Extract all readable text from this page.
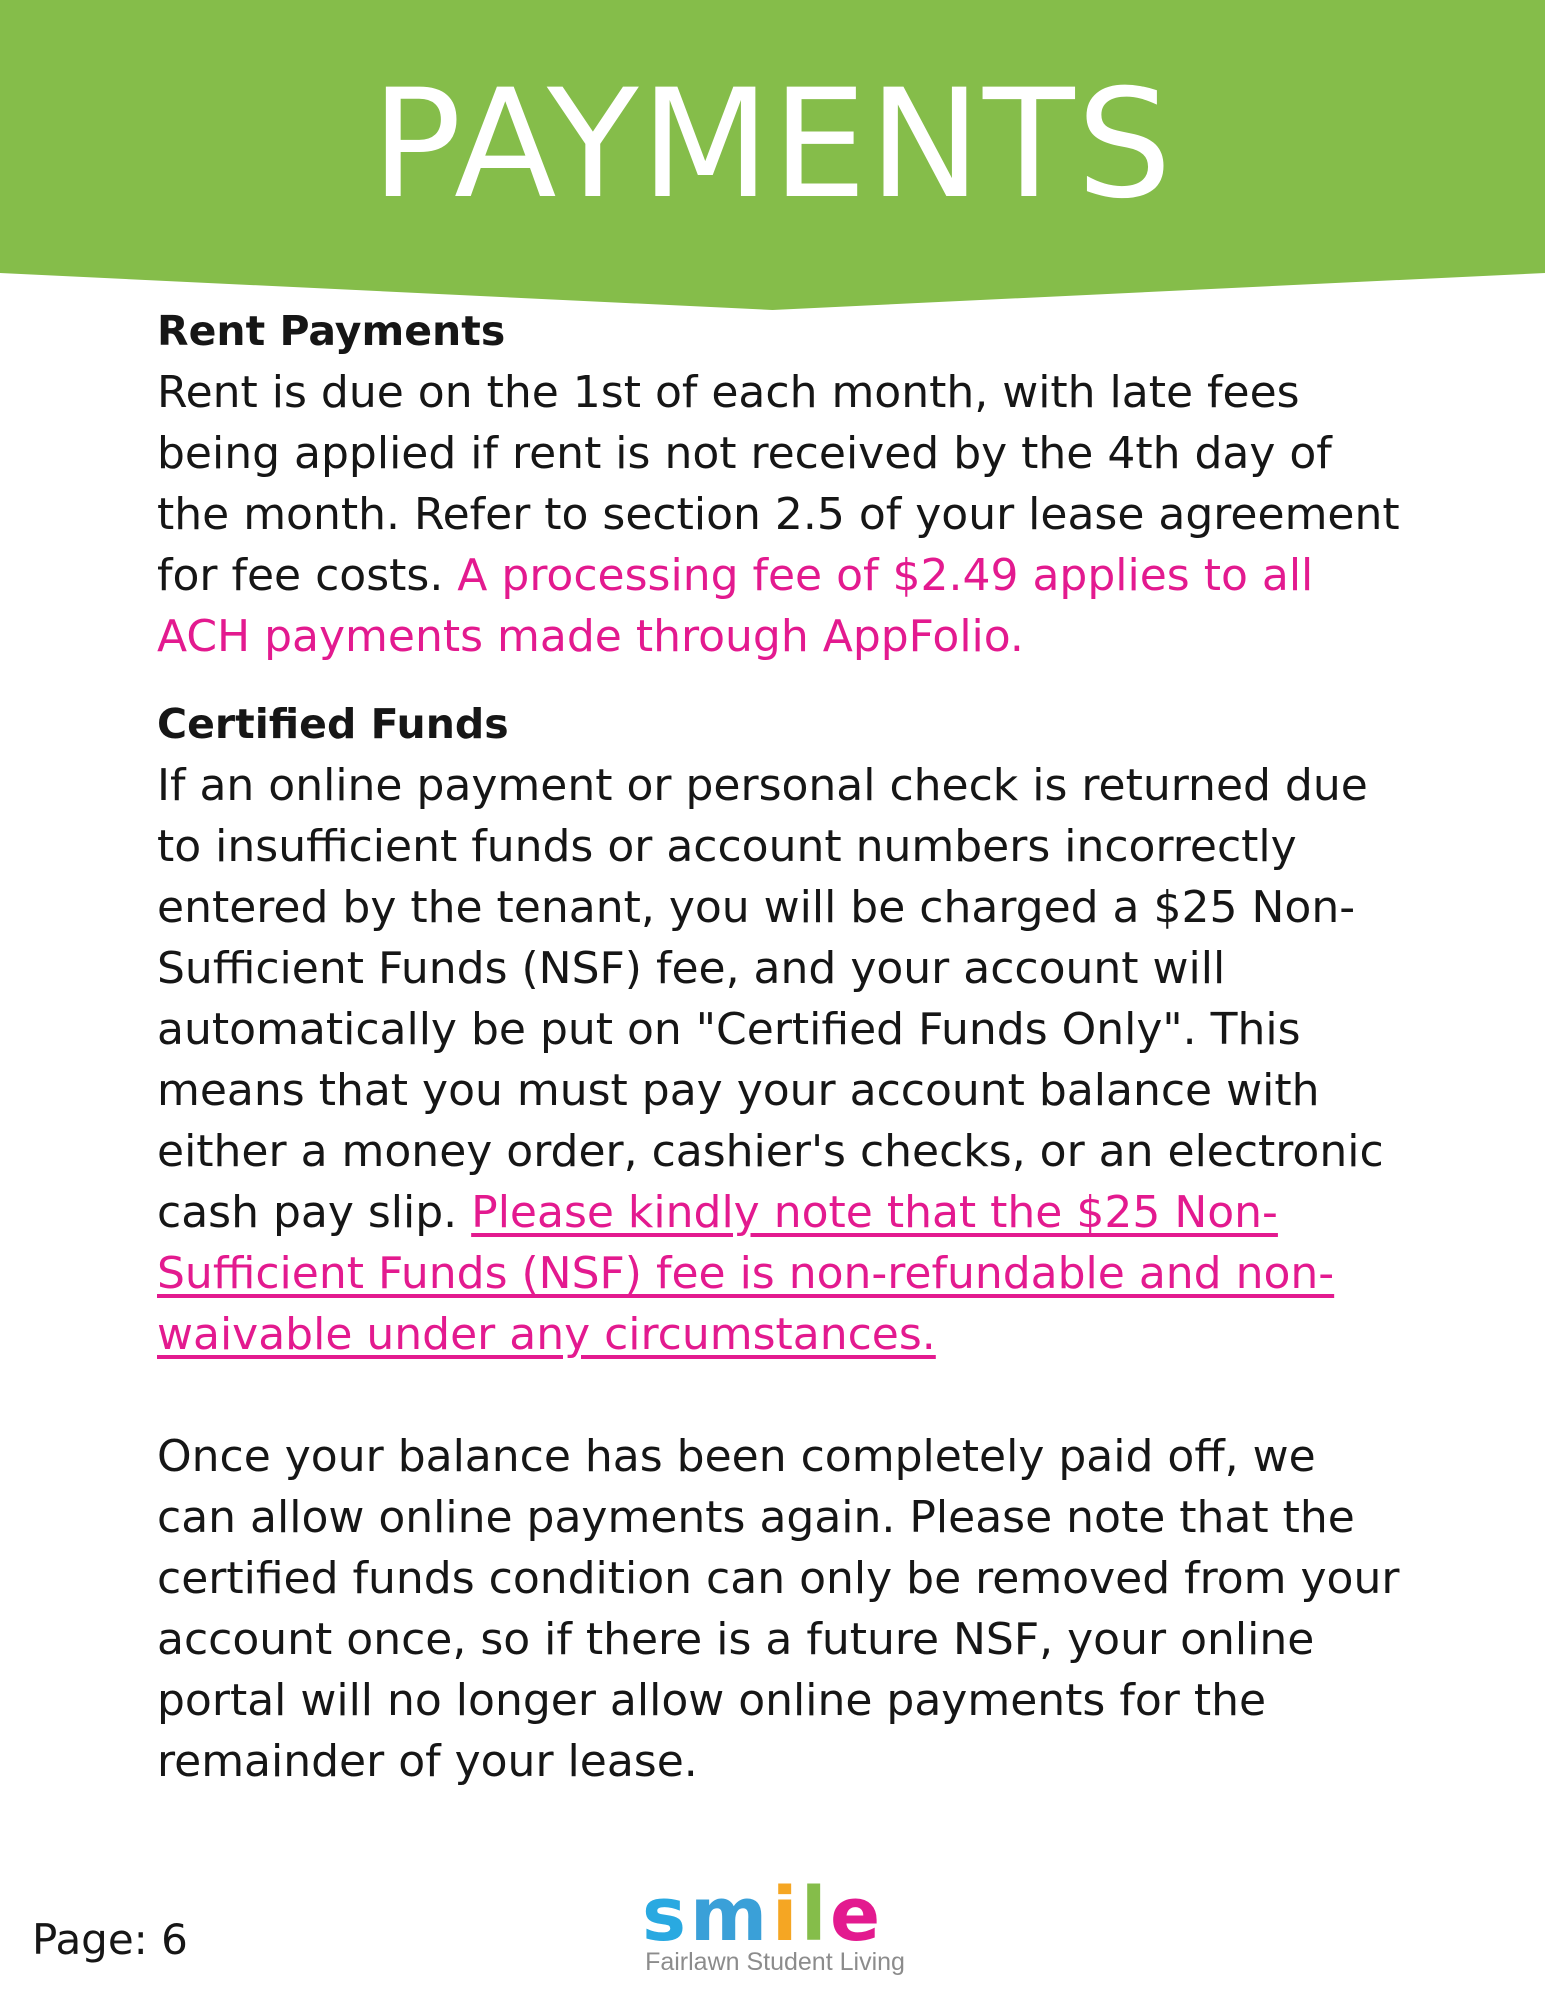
PAYMENTS

Rent Payments

Rent is due on the 1st of each month, with late fees being applied if rent is not received by the 4th day of the month. Refer to section 2.5 of your lease agreement for fee costs. A processing fee of $2.49 applies to all ACH payments made through AppFolio.

Certified Funds

If an online payment or personal check is returned due to insufficient funds or account numbers incorrectly entered by the tenant, you will be charged a $25 Non-Sufficient Funds (NSF) fee, and your account will automatically be put on "Certified Funds Only". This means that you must pay your account balance with either a money order, cashier's checks, or an electronic cash pay slip. Please kindly note that the $25 Non-Sufficient Funds (NSF) fee is non-refundable and non-waivable under any circumstances.

Once your balance has been completely paid off, we can allow online payments again. Please note that the certified funds condition can only be removed from your account once, so if there is a future NSF, your online portal will no longer allow online payments for the remainder of your lease.

Page: 6	s m i l e
Fairlawn Student Living
